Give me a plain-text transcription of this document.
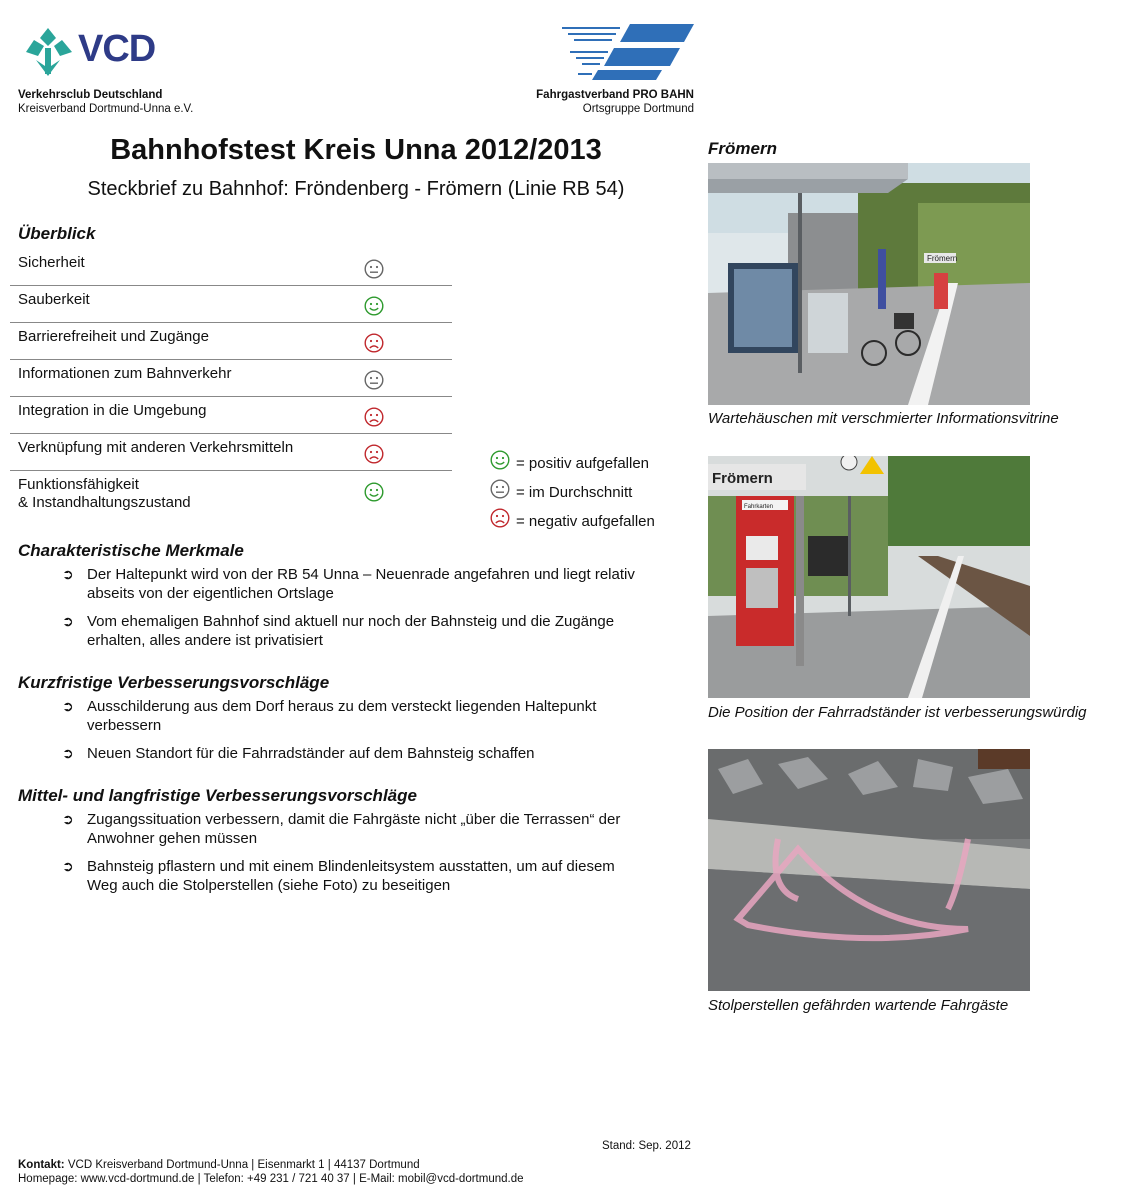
VCD
Verkehrsclub Deutschland
Kreisverband Dortmund-Unna e.V.
Fahrgastverband PRO BAHN
Ortsgruppe Dortmund
Bahnhofstest Kreis Unna 2012/2013
Steckbrief zu Bahnhof: Fröndenberg - Frömern (Linie RB 54)
Überblick
Sicherheit
Sauberkeit
Barrierefreiheit und Zugänge
Informationen zum Bahnverkehr
Integration in die Umgebung
Verknüpfung mit anderen Verkehrsmitteln
Funktionsfähigkeit
& Instandhaltungszustand
= positiv aufgefallen
= im Durchschnitt
= negativ aufgefallen
Charakteristische Merkmale
➲ Der Haltepunkt wird von der RB 54 Unna – Neuenrade angefahren und liegt relativ
abseits von der eigentlichen Ortslage
➲ Vom ehemaligen Bahnhof sind aktuell nur noch der Bahnsteig und die Zugänge
erhalten, alles andere ist privatisiert
Kurzfristige Verbesserungsvorschläge
➲ Ausschilderung aus dem Dorf heraus zu dem versteckt liegenden Haltepunkt
verbessern
➲ Neuen Standort für die Fahrradständer auf dem Bahnsteig schaffen
Mittel- und langfristige Verbesserungsvorschläge
➲ Zugangssituation verbessern, damit die Fahrgäste nicht „über die Terrassen“ der
Anwohner gehen müssen
➲ Bahnsteig pflastern und mit einem Blindenleitsystem ausstatten, um auf diesem
Weg auch die Stolperstellen (siehe Foto) zu beseitigen
Frömern
Frömern
Wartehäuschen mit verschmierter Informationsvitrine
Frömern
Fahrkarten
Die Position der Fahrradständer ist verbesserungswürdig
Stolperstellen gefährden wartende Fahrgäste
Stand: Sep. 2012
Kontakt: VCD Kreisverband Dortmund-Unna | Eisenmarkt 1 | 44137 Dortmund
Homepage: www.vcd-dortmund.de | Telefon: +49 231 / 721 40 37 | E-Mail: mobil@vcd-dortmund.de
